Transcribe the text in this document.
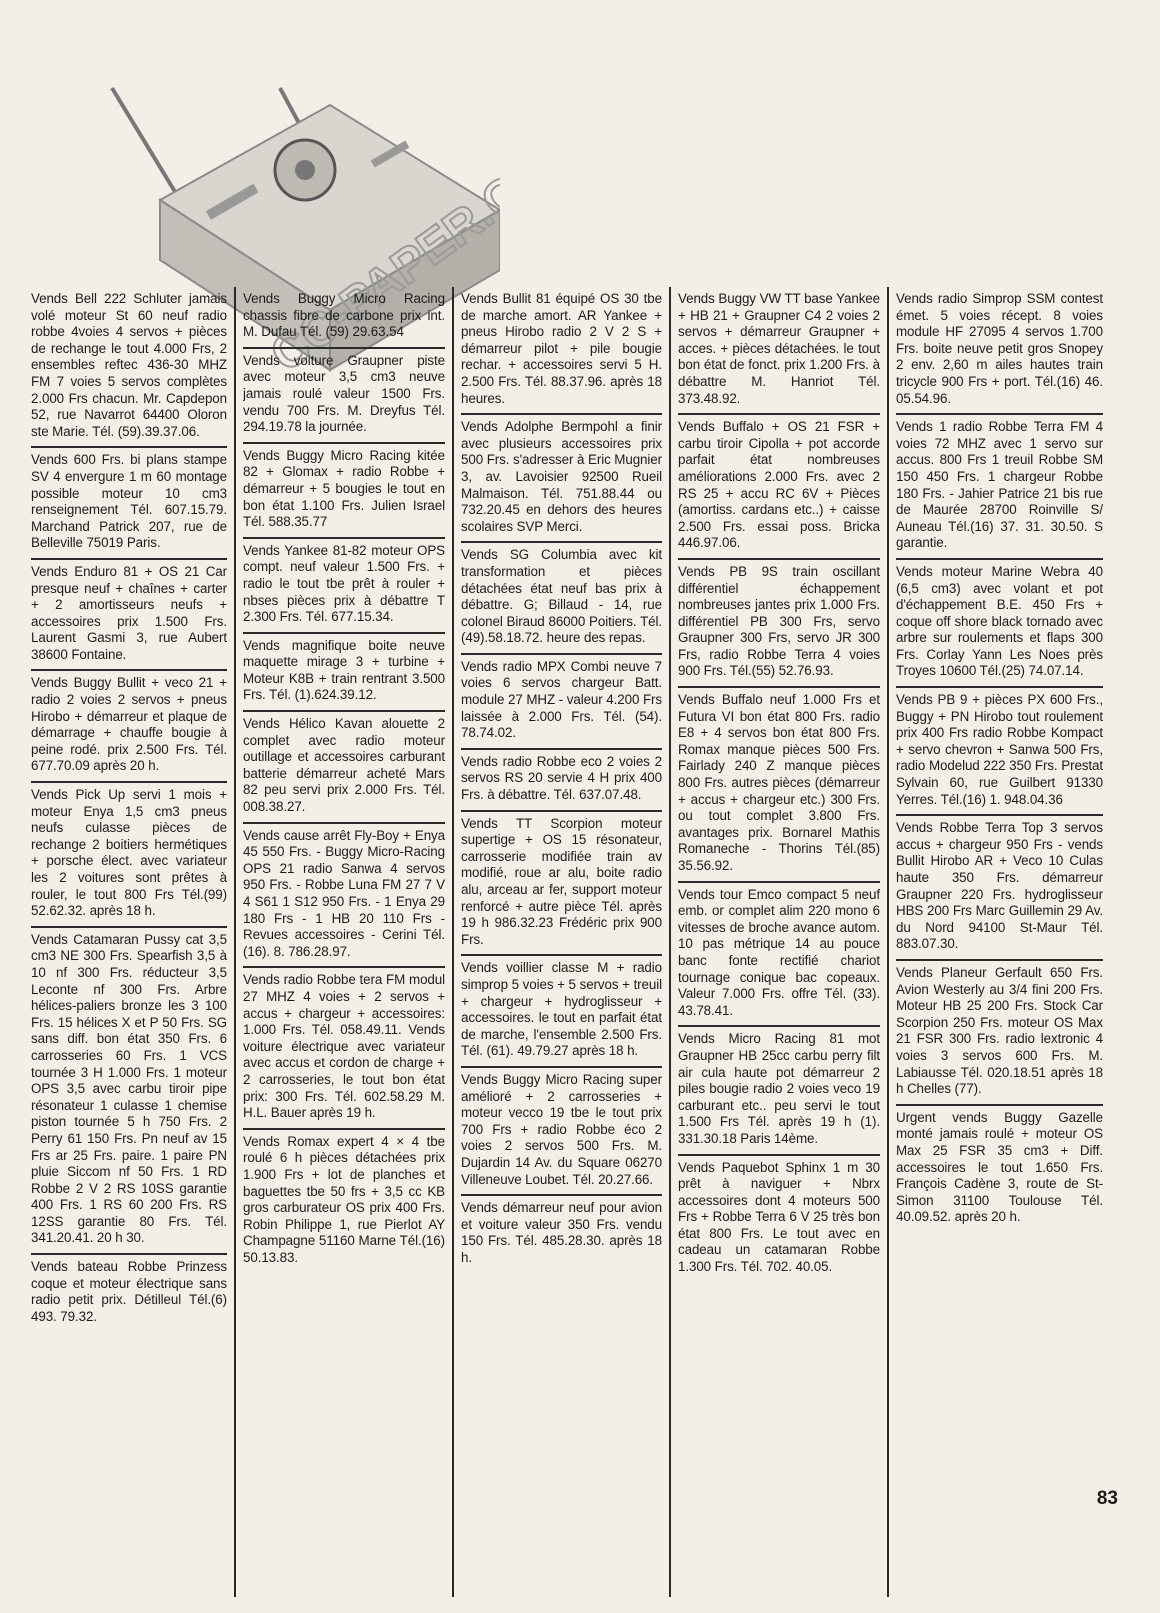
Vends Bell 222 Schluter jamais volé moteur St 60 neuf radio robbe 4voies 4 servos + pièces de rechange le tout 4.000 Frs, 2 ensembles reftec 436-30 MHZ FM 7 voies 5 servos complètes 2.000 Frs chacun. Mr. Capdepon 52, rue Navarrot 64400 Oloron ste Marie. Tél. (59).39.37.06.

Vends 600 Frs. bi plans stampe SV 4 envergure 1 m 60 montage possible moteur 10 cm3 renseignement Tél. 607.15.79. Marchand Patrick 207, rue de Belleville 75019 Paris.

Vends Enduro 81 + OS 21 Car presque neuf + chaînes + carter + 2 amortisseurs neufs + accessoires prix 1.500 Frs. Laurent Gasmi 3, rue Aubert 38600 Fontaine.

Vends Buggy Bullit + veco 21 + radio 2 voies 2 servos + pneus Hirobo + démarreur et plaque de démarrage + chauffe bougie à peine rodé. prix 2.500 Frs. Tél. 677.70.09 après 20 h.

Vends Pick Up servi 1 mois + moteur Enya 1,5 cm3 pneus neufs culasse pièces de rechange 2 boitiers hermétiques + porsche élect. avec variateur les 2 voitures sont prêtes à rouler, le tout 800 Frs Tél.(99) 52.62.32. après 18 h.

Vends Catamaran Pussy cat 3,5 cm3 NE 300 Frs. Spearfish 3,5 à 10 nf 300 Frs. réducteur 3,5 Leconte nf 300 Frs. Arbre hélices-paliers bronze les 3 100 Frs. 15 hélices X et P 50 Frs. SG sans diff. bon état 350 Frs. 6 carrosseries 60 Frs. 1 VCS tournée 3 H 1.000 Frs. 1 moteur OPS 3,5 avec carbu tiroir pipe résonateur 1 culasse 1 chemise piston tournée 5 h 750 Frs. 2 Perry 61 150 Frs. Pn neuf av 15 Frs ar 25 Frs. paire. 1 paire PN pluie Siccom nf 50 Frs. 1 RD Robbe 2 V 2 RS 10SS garantie 400 Frs. 1 RS 60 200 Frs. RS 12SS garantie 80 Frs. Tél. 341.20.41. 20 h 30.

Vends bateau Robbe Prinzess coque et moteur électrique sans radio petit prix. Détilleul Tél.(6) 493. 79.32.

Vends Buggy Micro Racing chassis fibre de carbone prix int. M. Dufau Tél. (59) 29.63.54

Vends voiture Graupner piste avec moteur 3,5 cm3 neuve jamais roulé valeur 1500 Frs. vendu 700 Frs. M. Dreyfus Tél. 294.19.78 la journée.

Vends Buggy Micro Racing kitée 82 + Glomax + radio Robbe + démarreur + 5 bougies le tout en bon état 1.100 Frs. Julien Israel Tél. 588.35.77

Vends Yankee 81-82 moteur OPS compt. neuf valeur 1.500 Frs. + radio le tout tbe prêt à rouler + nbses pièces prix à débattre T 2.300 Frs. Tél. 677.15.34.

Vends magnifique boite neuve maquette mirage 3 + turbine + Moteur K8B + train rentrant 3.500 Frs. Tél. (1).624.39.12.

Vends Hélico Kavan alouette 2 complet avec radio moteur outillage et accessoires carburant batterie démarreur acheté Mars 82 peu servi prix 2.000 Frs. Tél. 008.38.27.

Vends cause arrêt Fly-Boy + Enya 45 550 Frs. - Buggy Micro-Racing OPS 21 radio Sanwa 4 servos 950 Frs. - Robbe Luna FM 27 7 V 4 S61 1 S12 950 Frs. - 1 Enya 29 180 Frs - 1 HB 20 110 Frs - Revues accessoires - Cerini Tél. (16). 8. 786.28.97.

Vends radio Robbe tera FM modul 27 MHZ 4 voies + 2 servos + accus + chargeur + accessoires: 1.000 Frs. Tél. 058.49.11. Vends voiture électrique avec variateur avec accus et cordon de charge + 2 carrosseries, le tout bon état prix: 300 Frs. Tél. 602.58.29 M. H.L. Bauer après 19 h.

Vends Romax expert 4 × 4 tbe roulé 6 h pièces détachées prix 1.900 Frs + lot de planches et baguettes tbe 50 frs + 3,5 cc KB gros carburateur OS prix 400 Frs. Robin Philippe 1, rue Pierlot AY Champagne 51160 Marne Tél.(16) 50.13.83.

Vends Bullit 81 équipé OS 30 tbe de marche amort. AR Yankee + pneus Hirobo radio 2 V 2 S + démarreur pilot + pile bougie rechar. + accessoires servi 5 H. 2.500 Frs. Tél. 88.37.96. après 18 heures.

Vends Adolphe Bermpohl a finir avec plusieurs accessoires prix 500 Frs. s'adresser à Eric Mugnier 3, av. Lavoisier 92500 Rueil Malmaison. Tél. 751.88.44 ou 732.20.45 en dehors des heures scolaires SVP Merci.

Vends SG Columbia avec kit transformation et pièces détachées état neuf bas prix à débattre. G; Billaud - 14, rue colonel Biraud 86000 Poitiers. Tél. (49).58.18.72. heure des repas.

Vends radio MPX Combi neuve 7 voies 6 servos chargeur Batt. module 27 MHZ - valeur 4.200 Frs laissée à 2.000 Frs. Tél. (54). 78.74.02.

Vends radio Robbe eco 2 voies 2 servos RS 20 servie 4 H prix 400 Frs. à débattre. Tél. 637.07.48.

Vends TT Scorpion moteur supertige + OS 15 résonateur, carrosserie modifiée train av modifié, roue ar alu, boite radio alu, arceau ar fer, support moteur renforcé + autre pièce Tél. après 19 h 986.32.23 Frédéric prix 900 Frs.

Vends voillier classe M + radio simprop 5 voies + 5 servos + treuil + chargeur + hydroglisseur + accessoires. le tout en parfait état de marche, l'ensemble 2.500 Frs. Tél. (61). 49.79.27 après 18 h.

Vends Buggy Micro Racing super amélioré + 2 carrosseries + moteur vecco 19 tbe le tout prix 700 Frs + radio Robbe éco 2 voies 2 servos 500 Frs. M. Dujardin 14 Av. du Square 06270 Villeneuve Loubet. Tél. 20.27.66.

Vends démarreur neuf pour avion et voiture valeur 350 Frs. vendu 150 Frs. Tél. 485.28.30. après 18 h.

Vends Buggy VW TT base Yankee + HB 21 + Graupner C4 2 voies 2 servos + démarreur Graupner + acces. + pièces détachées. le tout bon état de fonct. prix 1.200 Frs. à débattre M. Hanriot Tél. 373.48.92.

Vends Buffalo + OS 21 FSR + carbu tiroir Cipolla + pot accorde parfait état nombreuses améliorations 2.000 Frs. avec 2 RS 25 + accu RC 6V + Pièces (amortiss. cardans etc..) + caisse 2.500 Frs. essai poss. Bricka 446.97.06.

Vends PB 9S train oscillant différentiel échappement nombreuses jantes prix 1.000 Frs. différentiel PB 300 Frs, servo Graupner 300 Frs, servo JR 300 Frs, radio Robbe Terra 4 voies 900 Frs. Tél.(55) 52.76.93.

Vends Buffalo neuf 1.000 Frs et Futura VI bon état 800 Frs. radio E8 + 4 servos bon état 800 Frs. Romax manque pièces 500 Frs. Fairlady 240 Z manque pièces 800 Frs. autres pièces (démarreur + accus + chargeur etc.) 300 Frs. ou tout complet 3.800 Frs. avantages prix. Bornarel Mathis Romaneche - Thorins Tél.(85) 35.56.92.

Vends tour Emco compact 5 neuf emb. or complet alim 220 mono 6 vitesses de broche avance autom. 10 pas métrique 14 au pouce banc fonte rectifié chariot tournage conique bac copeaux. Valeur 7.000 Frs. offre Tél. (33). 43.78.41.

Vends Micro Racing 81 mot Graupner HB 25cc carbu perry filt air cula haute pot démarreur 2 piles bougie radio 2 voies veco 19 carburant etc.. peu servi le tout 1.500 Frs Tél. après 19 h (1). 331.30.18 Paris 14ème.

Vends Paquebot Sphinx 1 m 30 prêt à naviguer + Nbrx accessoires dont 4 moteurs 500 Frs + Robbe Terra 6 V 25 très bon état 800 Frs. Le tout avec en cadeau un catamaran Robbe 1.300 Frs. Tél. 702. 40.05.

Vends radio Simprop SSM contest émet. 5 voies récept. 8 voies module HF 27095 4 servos 1.700 Frs. boite neuve petit gros Snopey 2 env. 2,60 m ailes hautes train tricycle 900 Frs + port. Tél.(16) 46. 05.54.96.

Vends 1 radio Robbe Terra FM 4 voies 72 MHZ avec 1 servo sur accus. 800 Frs 1 treuil Robbe SM 150 450 Frs. 1 chargeur Robbe 180 Frs. - Jahier Patrice 21 bis rue de Maurée 28700 Roinville S/ Auneau Tél.(16) 37. 31. 30.50. S garantie.

Vends moteur Marine Webra 40 (6,5 cm3) avec volant et pot d'échappement B.E. 450 Frs + coque off shore black tornado avec arbre sur roulements et flaps 300 Frs. Corlay Yann Les Noes près Troyes 10600 Tél.(25) 74.07.14.

Vends PB 9 + pièces PX 600 Frs., Buggy + PN Hirobo tout roulement prix 400 Frs radio Robbe Kompact + servo chevron + Sanwa 500 Frs, radio Modelud 222 350 Frs. Prestat Sylvain 60, rue Guilbert 91330 Yerres. Tél.(16) 1. 948.04.36

Vends Robbe Terra Top 3 servos accus + chargeur 950 Frs - vends Bullit Hirobo AR + Veco 10 Culas haute 350 Frs. démarreur Graupner 220 Frs. hydroglisseur HBS 200 Frs Marc Guillemin 29 Av. du Nord 94100 St-Maur Tél. 883.07.30.

Vends Planeur Gerfault 650 Frs. Avion Westerly au 3/4 fini 200 Frs. Moteur HB 25 200 Frs. Stock Car Scorpion 250 Frs. moteur OS Max 21 FSR 300 Frs. radio lextronic 4 voies 3 servos 600 Frs. M. Labiausse Tél. 020.18.51 après 18 h Chelles (77).

Urgent vends Buggy Gazelle monté jamais roulé + moteur OS Max 25 FSR 35 cm3 + Diff. accessoires le tout 1.650 Frs. François Cadène 3, route de St-Simon 31100 Toulouse Tél. 40.09.52. après 20 h.

83
